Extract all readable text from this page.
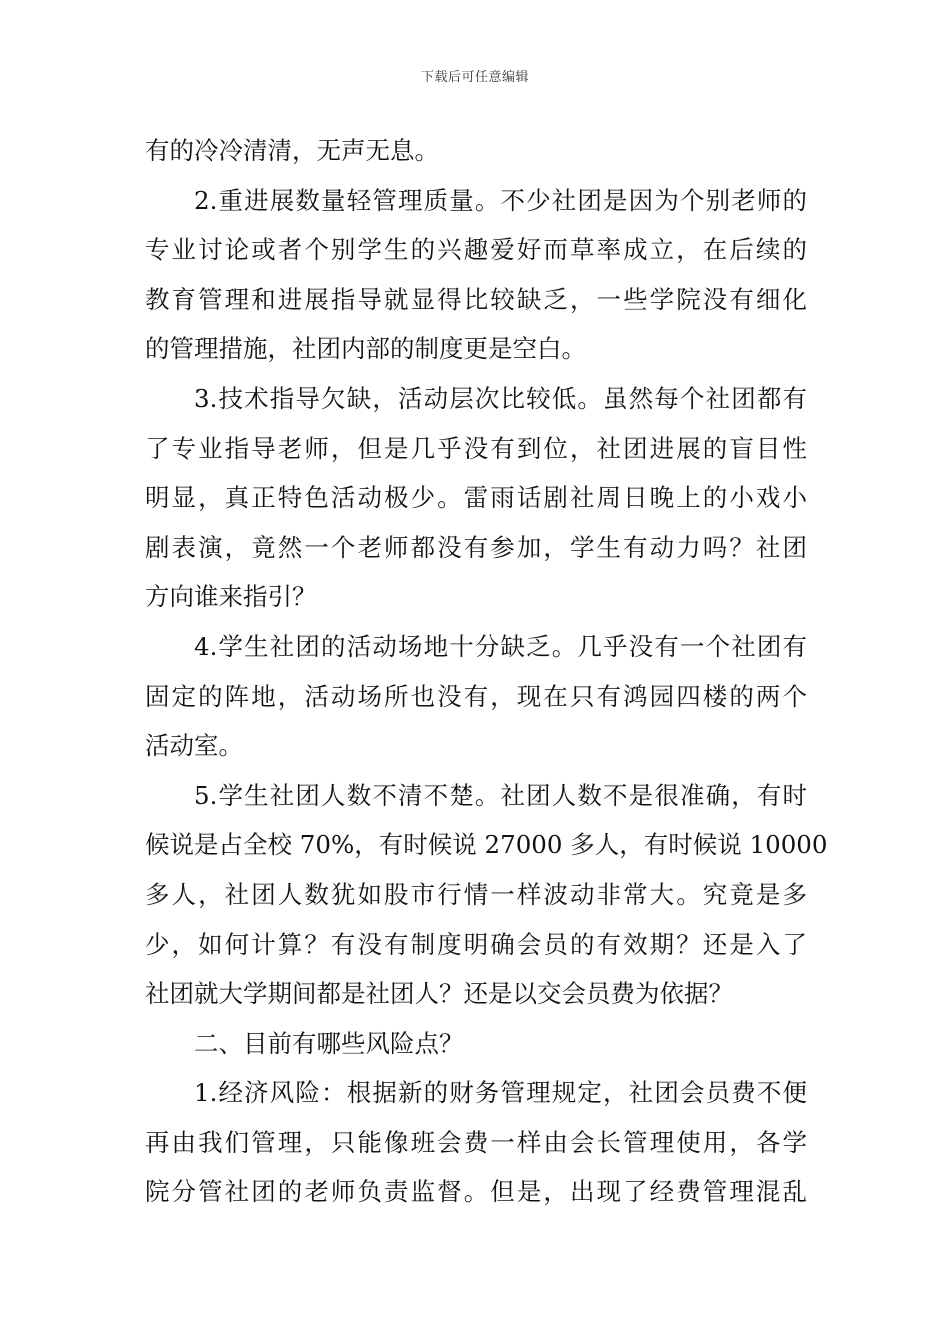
下载后可任意编辑
有的冷冷清清，无声无息。
2.重进展数量轻管理质量。不少社团是因为个别老师的
专业讨论或者个别学生的兴趣爱好而草率成立，在后续的
教育管理和进展指导就显得比较缺乏，一些学院没有细化
的管理措施，社团内部的制度更是空白。
3.技术指导欠缺，活动层次比较低。虽然每个社团都有
了专业指导老师，但是几乎没有到位，社团进展的盲目性
明显，真正特色活动极少。雷雨话剧社周日晚上的小戏小
剧表演，竟然一个老师都没有参加，学生有动力吗？社团
方向谁来指引？
4.学生社团的活动场地十分缺乏。几乎没有一个社团有
固定的阵地，活动场所也没有，现在只有鸿园四楼的两个
活动室。
5.学生社团人数不清不楚。社团人数不是很准确，有时
候说是占全校 70%，有时候说 27000 多人，有时候说 10000
多人，社团人数犹如股市行情一样波动非常大。究竟是多
少，如何计算？有没有制度明确会员的有效期？还是入了
社团就大学期间都是社团人？还是以交会员费为依据？
二、目前有哪些风险点？
1.经济风险：根据新的财务管理规定，社团会员费不便
再由我们管理，只能像班会费一样由会长管理使用，各学
院分管社团的老师负责监督。但是，出现了经费管理混乱
